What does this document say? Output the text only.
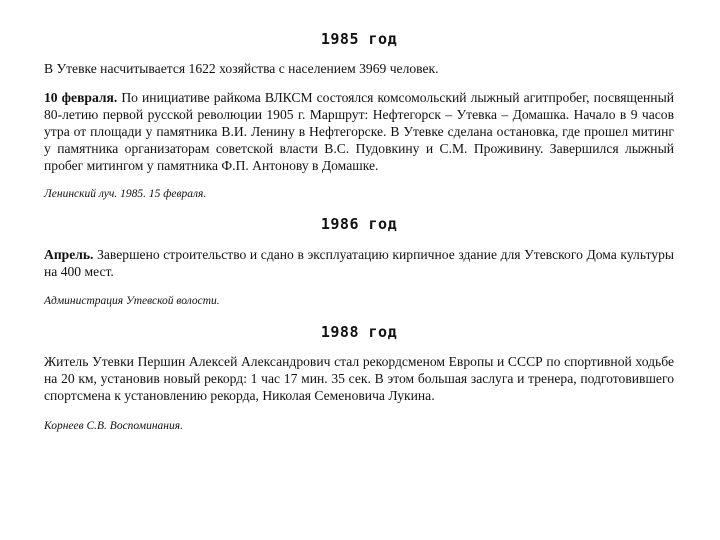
1985 год

В Утевке насчитывается 1622 хозяйства с населением 3969 человек.

10 февраля. По инициативе райкома ВЛКСМ состоялся комсомольский лыжный агитпробег, посвященный 80-летию первой русской революции 1905 г. Маршрут: Нефтегорск – Утевка – Домашка. Начало в 9 часов утра от площади у памятника В.И. Ленину в Нефтегорске. В Утевке сделана остановка, где прошел митинг у памятника организаторам советской власти В.С. Пудовкину и С.М. Проживину. Завершился лыжный пробег митингом у памятника Ф.П. Антонову в Домашке.

Ленинский луч. 1985. 15 февраля.

1986 год

Апрель. Завершено строительство и сдано в эксплуатацию кирпичное здание для Утевского Дома культуры на 400 мест.

Администрация Утевской волости.

1988 год

Житель Утевки Першин Алексей Александрович стал рекордсменом Европы и СССР по спортивной ходьбе на 20 км, установив новый рекорд: 1 час 17 мин. 35 сек. В этом большая заслуга и тренера, подготовившего спортсмена к установлению рекорда, Николая Семеновича Лукина.

Корнеев С.В. Воспоминания.
